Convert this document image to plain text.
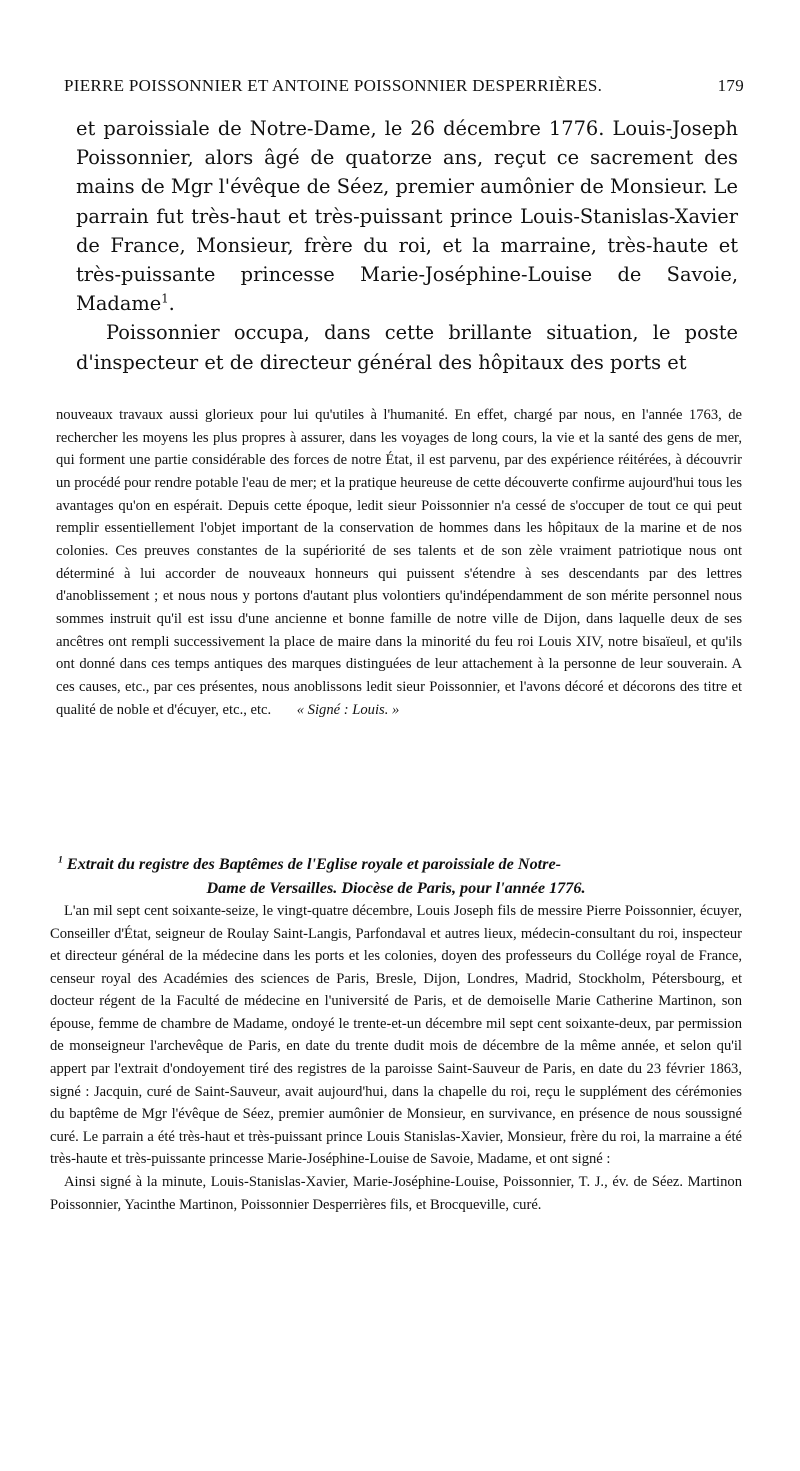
PIERRE POISSONNIER ET ANTOINE POISSONNIER DESPERRIÈRES.	179

et paroissiale de Notre-Dame, le 26 décembre 1776. Louis-Joseph Poissonnier, alors âgé de quatorze ans, reçut ce sacrement des mains de Mgr l'évêque de Séez, premier aumônier de Monsieur. Le parrain fut très-haut et très-puissant prince Louis-Stanislas-Xavier de France, Monsieur, frère du roi, et la marraine, très-haute et très-puissante princesse Marie-Joséphine-Louise de Savoie, Madame$^1$.

Poissonnier occupa, dans cette brillante situation, le poste d'inspecteur et de directeur général des hôpitaux des ports et

nouveaux travaux aussi glorieux pour lui qu'utiles à l'humanité. En effet, chargé par nous, en l'année 1763, de rechercher les moyens les plus propres à assurer, dans les voyages de long cours, la vie et la santé des gens de mer, qui forment une partie considérable des forces de notre État, il est parvenu, par des expérience réitérées, à découvrir un procédé pour rendre potable l'eau de mer; et la pratique heureuse de cette découverte confirme aujourd'hui tous les avantages qu'on en espérait. Depuis cette époque, ledit sieur Poissonnier n'a cessé de s'occuper de tout ce qui peut remplir essentiellement l'objet important de la conservation de hommes dans les hôpitaux de la marine et de nos colonies. Ces preuves constantes de la supériorité de ses talents et de son zèle vraiment patriotique nous ont déterminé à lui accorder de nouveaux honneurs qui puissent s'étendre à ses descendants par des lettres d'anoblissement ; et nous nous y portons d'autant plus volontiers qu'indépendamment de son mérite personnel nous sommes instruit qu'il est issu d'une ancienne et bonne famille de notre ville de Dijon, dans laquelle deux de ses ancêtres ont rempli successivement la place de maire dans la minorité du feu roi Louis XIV, notre bisaïeul, et qu'ils ont donné dans ces temps antiques des marques distinguées de leur attachement à la personne de leur souverain. A ces causes, etc., par ces présentes, nous anoblissons ledit sieur Poissonnier, et l'avons décoré et décorons des titre et qualité de noble et d'écuyer, etc., etc. « Signé : Louis. »

$^1$ Extrait du registre des Baptêmes de l'Eglise royale et paroissiale de Notre-
Dame de Versailles. Diocèse de Paris, pour l'année 1776.

L'an mil sept cent soixante-seize, le vingt-quatre décembre, Louis Joseph fils de messire Pierre Poissonnier, écuyer, Conseiller d'État, seigneur de Roulay Saint-Langis, Parfondaval et autres lieux, médecin-consultant du roi, inspecteur et directeur général de la médecine dans les ports et les colonies, doyen des professeurs du Collége royal de France, censeur royal des Académies des sciences de Paris, Bresle, Dijon, Londres, Madrid, Stockholm, Pétersbourg, et docteur régent de la Faculté de médecine en l'université de Paris, et de demoiselle Marie Catherine Martinon, son épouse, femme de chambre de Madame, ondoyé le trente-et-un décembre mil sept cent soixante-deux, par permission de monseigneur l'archevêque de Paris, en date du trente dudit mois de décembre de la même année, et selon qu'il appert par l'extrait d'ondoyement tiré des registres de la paroisse Saint-Sauveur de Paris, en date du 23 février 1863, signé : Jacquin, curé de Saint-Sauveur, avait aujourd'hui, dans la chapelle du roi, reçu le supplément des cérémonies du baptême de Mgr l'évêque de Séez, premier aumônier de Monsieur, en survivance, en présence de nous soussigné curé. Le parrain a été très-haut et très-puissant prince Louis Stanislas-Xavier, Monsieur, frère du roi, la marraine a été très-haute et très-puissante princesse Marie-Joséphine-Louise de Savoie, Madame, et ont signé :

Ainsi signé à la minute, Louis-Stanislas-Xavier, Marie-Joséphine-Louise, Poissonnier, T. J., év. de Séez. Martinon Poissonnier, Yacinthe Martinon, Poissonnier Desperrières fils, et Brocqueville, curé.
